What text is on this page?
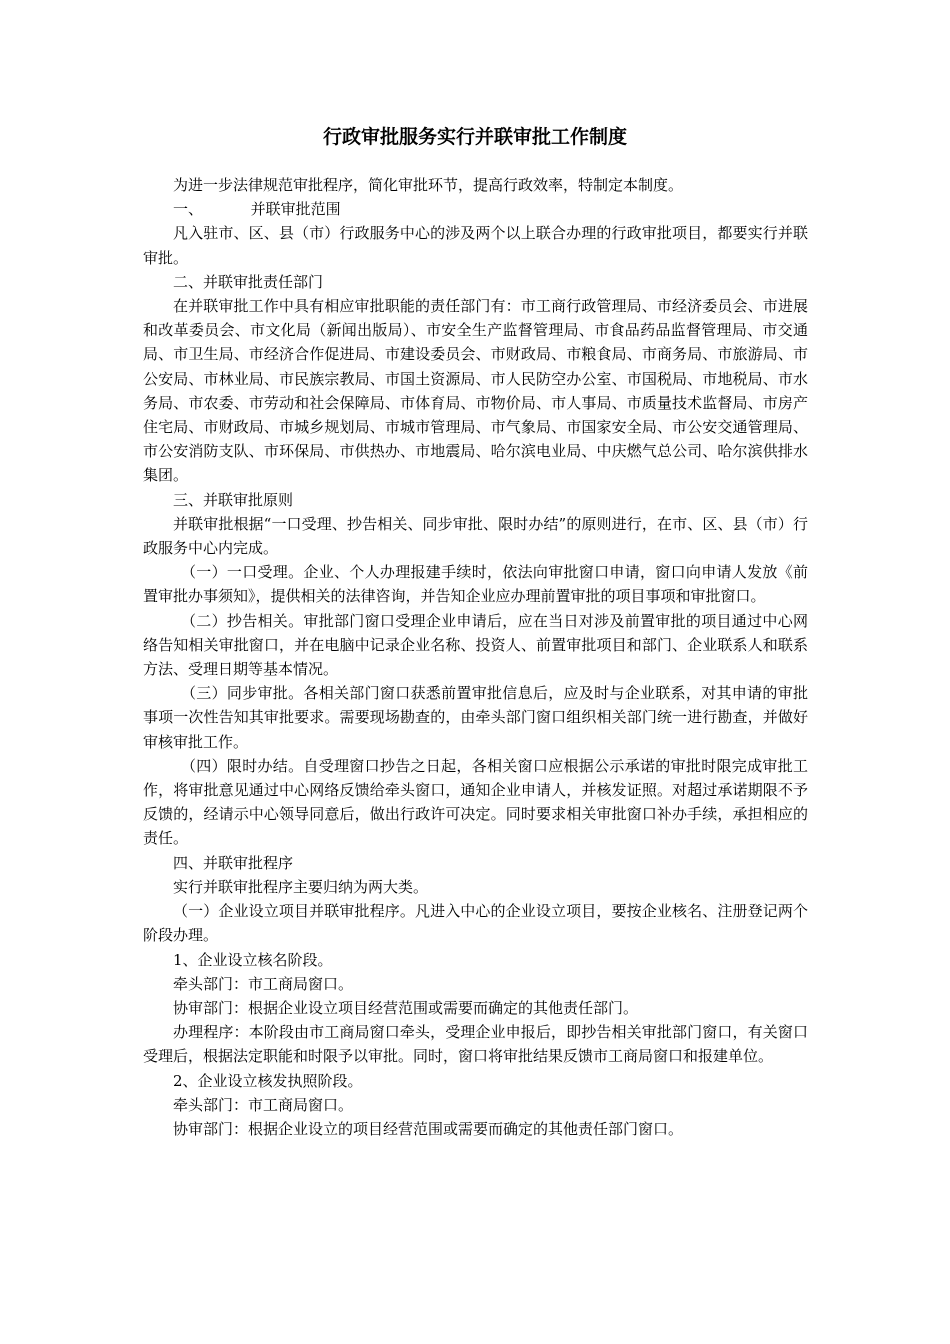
行政审批服务实行并联审批工作制度

为进一步法律规范审批程序，简化审批环节，提高行政效率，特制定本制度。

一、          并联审批范围

凡入驻市、区、县（市）行政服务中心的涉及两个以上联合办理的行政审批项目，都要实行并联审批。

二、并联审批责任部门

在并联审批工作中具有相应审批职能的责任部门有：市工商行政管理局、市经济委员会、市进展和改革委员会、市文化局（新闻出版局）、市安全生产监督管理局、市食品药品监督管理局、市交通局、市卫生局、市经济合作促进局、市建设委员会、市财政局、市粮食局、市商务局、市旅游局、市公安局、市林业局、市民族宗教局、市国土资源局、市人民防空办公室、市国税局、市地税局、市水务局、市农委、市劳动和社会保障局、市体育局、市物价局、市人事局、市质量技术监督局、市房产住宅局、市财政局、市城乡规划局、市城市管理局、市气象局、市国家安全局、市公安交通管理局、市公安消防支队、市环保局、市供热办、市地震局、哈尔滨电业局、中庆燃气总公司、哈尔滨供排水集团。

三、并联审批原则

并联审批根据“一口受理、抄告相关、同步审批、限时办结”的原则进行，在市、区、县（市）行政服务中心内完成。

（一）一口受理。企业、个人办理报建手续时，依法向审批窗口申请，窗口向申请人发放《前置审批办事须知》，提供相关的法律咨询，并告知企业应办理前置审批的项目事项和审批窗口。

（二）抄告相关。审批部门窗口受理企业申请后，应在当日对涉及前置审批的项目通过中心网络告知相关审批窗口，并在电脑中记录企业名称、投资人、前置审批项目和部门、企业联系人和联系方法、受理日期等基本情况。

（三）同步审批。各相关部门窗口获悉前置审批信息后，应及时与企业联系，对其申请的审批事项一次性告知其审批要求。需要现场勘查的，由牵头部门窗口组织相关部门统一进行勘查，并做好审核审批工作。

（四）限时办结。自受理窗口抄告之日起，各相关窗口应根据公示承诺的审批时限完成审批工作，将审批意见通过中心网络反馈给牵头窗口，通知企业申请人，并核发证照。对超过承诺期限不予反馈的，经请示中心领导同意后，做出行政许可决定。同时要求相关审批窗口补办手续，承担相应的责任。

四、并联审批程序

实行并联审批程序主要归纳为两大类。

（一）企业设立项目并联审批程序。凡进入中心的企业设立项目，要按企业核名、注册登记两个阶段办理。

1、企业设立核名阶段。

牵头部门：市工商局窗口。

协审部门：根据企业设立项目经营范围或需要而确定的其他责任部门。

办理程序：本阶段由市工商局窗口牵头，受理企业申报后，即抄告相关审批部门窗口，有关窗口受理后，根据法定职能和时限予以审批。同时，窗口将审批结果反馈市工商局窗口和报建单位。

2、企业设立核发执照阶段。

牵头部门：市工商局窗口。

协审部门：根据企业设立的项目经营范围或需要而确定的其他责任部门窗口。
